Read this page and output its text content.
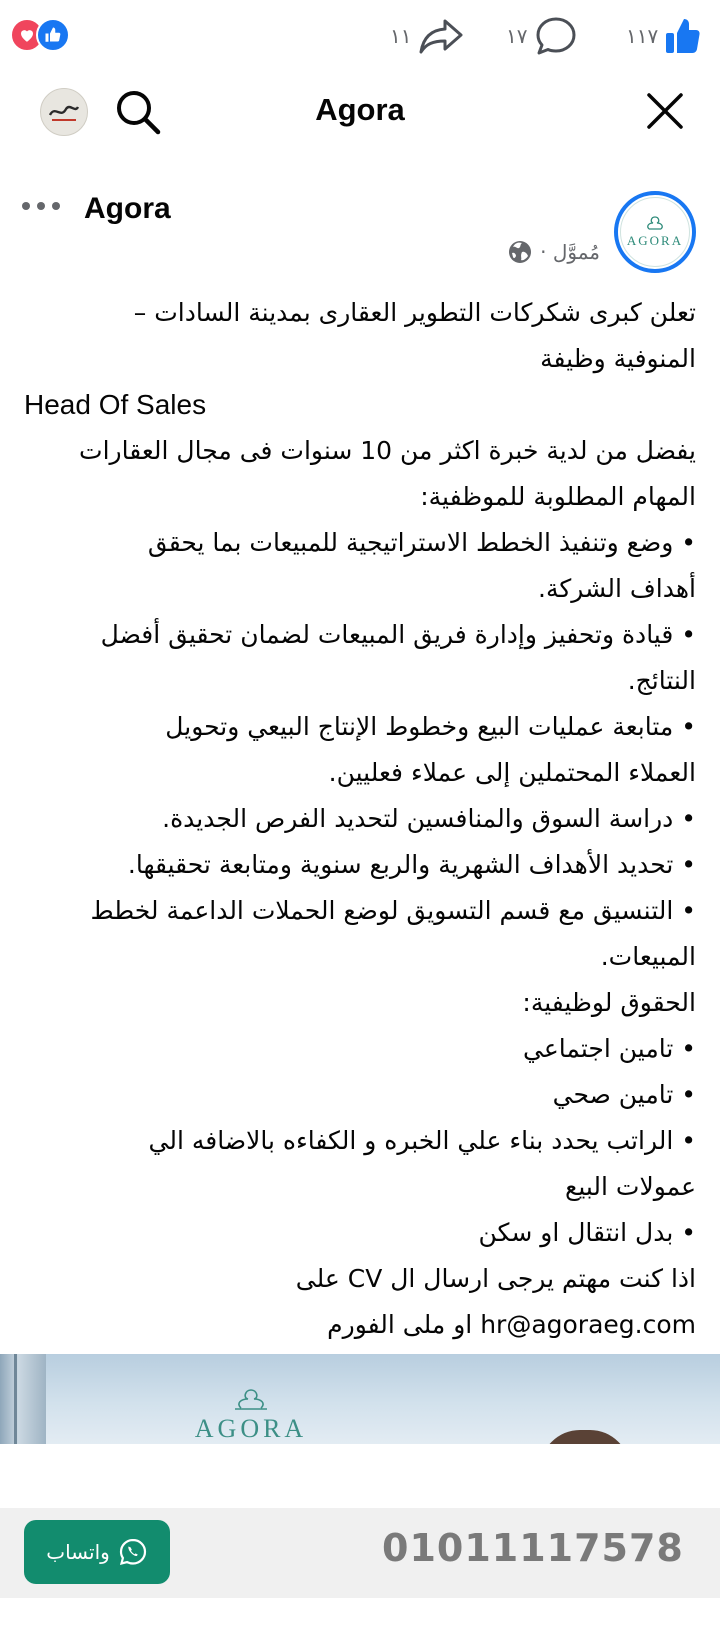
١١	١٧	١١٧
Agora
Agora
مُموَّل · AGORA
تعلن كبرى شكركات التطوير العقارى بمدينة السادات –
المنوفية وظيفة
Head Of Sales
يفضل من لدية خبرة اكثر من 10 سنوات فى مجال العقارات
المهام المطلوبة للموظفية:
• وضع وتنفيذ الخطط الاستراتيجية للمبيعات بما يحقق
أهداف الشركة.
• قيادة وتحفيز وإدارة فريق المبيعات لضمان تحقيق أفضل
النتائج.
• متابعة عمليات البيع وخطوط الإنتاج البيعي وتحويل
العملاء المحتملين إلى عملاء فعليين.
• دراسة السوق والمنافسين لتحديد الفرص الجديدة.
• تحديد الأهداف الشهرية والربع سنوية ومتابعة تحقيقها.
• التنسيق مع قسم التسويق لوضع الحملات الداعمة لخطط
المبيعات.
الحقوق لوظيفية:
• تامين اجتماعي
• تامين صحي
• الراتب يحدد بناء علي الخبره و الكفاءه بالاضافه الي
عمولات البيع
• بدل انتقال او سكن
اذا كنت مهتم يرجى ارسال ال CV على
hr@agoraeg.com او ملى الفورم
AGORA
واتساب	01011117578
